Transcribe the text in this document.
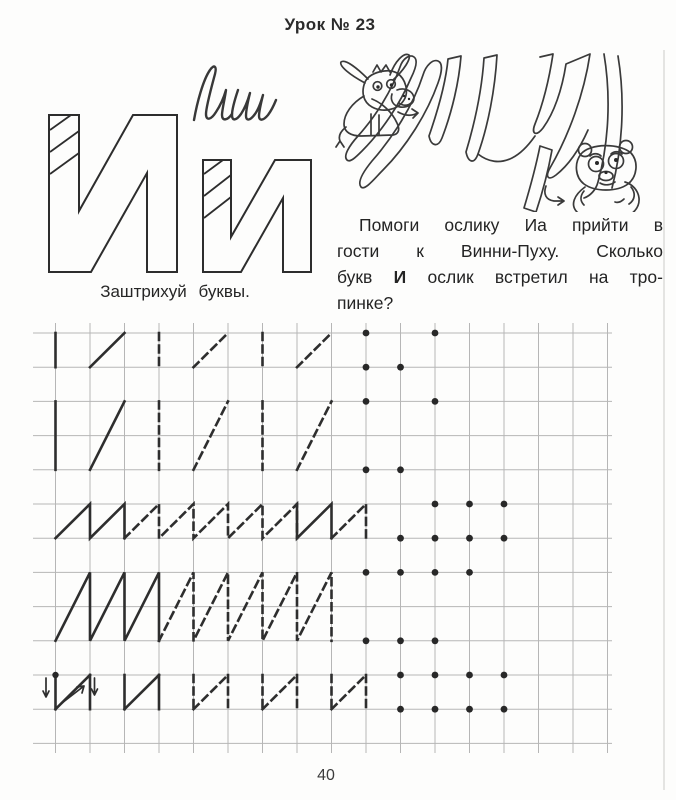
Урок № 23
Заштрихуй буквы.
Помоги ослику Иа прийти в
гости к Винни-Пуху. Сколько
букв И ослик встретил на тро-
пинке?
40
